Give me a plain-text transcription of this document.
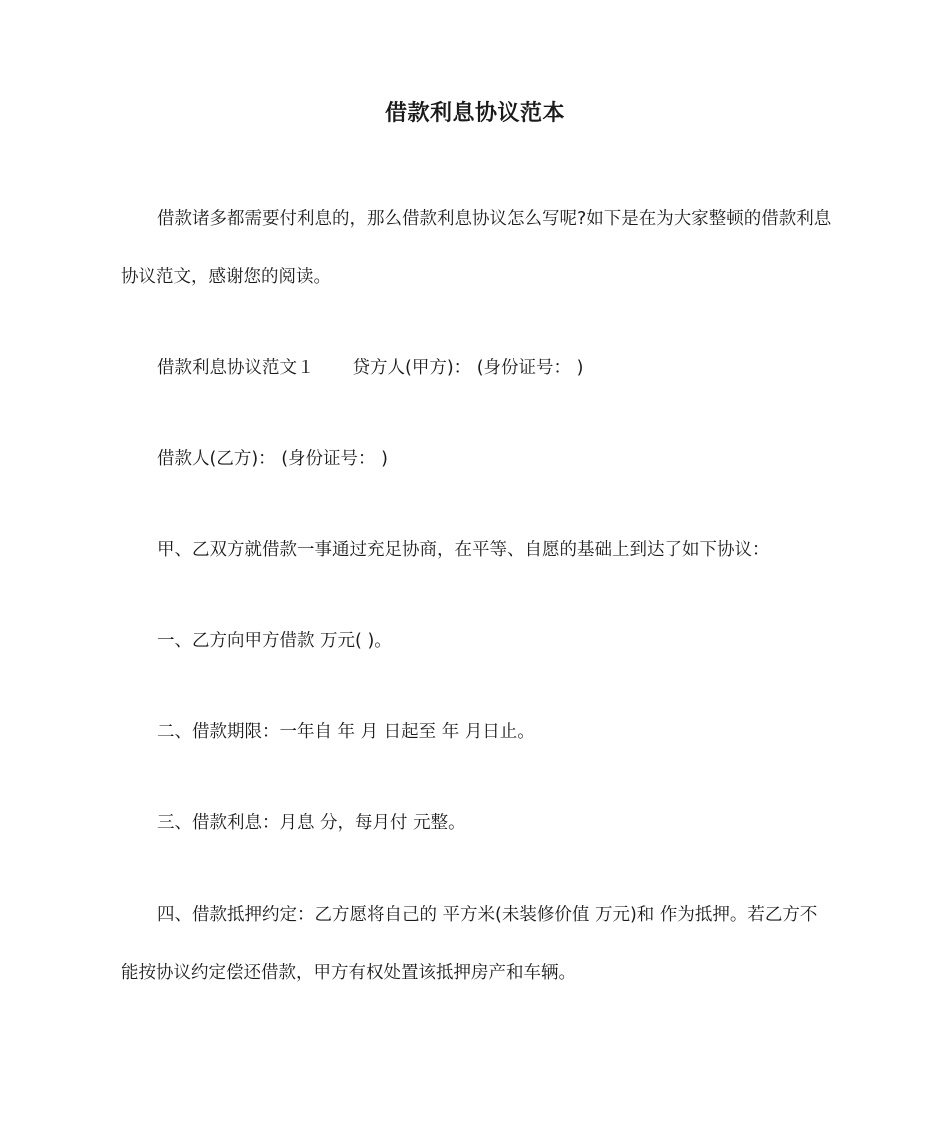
借款利息协议范本
借款诸多都需要付利息的，那么借款利息协议怎么写呢?如下是在为大家整顿的借款利息协议范文，感谢您的阅读。
借款利息协议范文１ 贷方人(甲方)： (身份证号： )
借款人(乙方)： (身份证号： )
甲、乙双方就借款一事通过充足协商，在平等、自愿的基础上到达了如下协议：
一、乙方向甲方借款 万元( )。
二、借款期限：一年自 年 月 日起至 年 月日止。
三、借款利息：月息 分，每月付 元整。
四、借款抵押约定：乙方愿将自己的 平方米(未装修价值 万元)和 作为抵押。若乙方不能按协议约定偿还借款，甲方有权处置该抵押房产和车辆。
